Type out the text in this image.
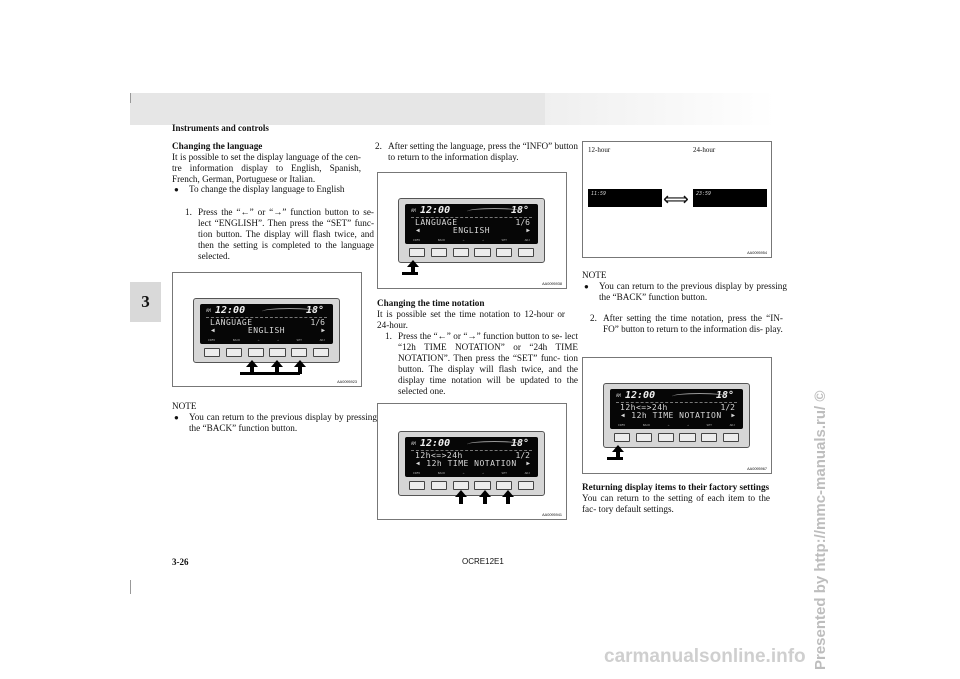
Instruments and controls
3

Changing the language

It is possible to set the display language of the cen- tre information display to English, Spanish, French, German, Portuguese or Italian.

● To change the display language to English

1. Press the “←” or “→” function button to se- lect “ENGLISH”. Then press the “SET” func- tion button. The display will flash twice, and then the setting is completed to the language selected.
AM 12:00	18°
LANGUAGE	1/6
◀	ENGLISH	▶
INFO	BACK	←	→	SET	ADJ
AA0095923

NOTE

● You can return to the previous display by pressing the “BACK” function button.

2. After setting the language, press the “INFO” button to return to the information display.
AM 12:00	18°
LANGUAGE	1/6
◀	ENGLISH	▶
INFO	BACK	←	→	SET	ADJ
AA0095938

Changing the time notation

It is possible set the time notation to 12-hour or 24-hour.

1. Press the “←” or “→” function button to se- lect “12h TIME NOTATION” or “24h TIME NOTATION”. Then press the “SET” func- tion button. The display will flash twice, and the display time notation will be updated to the selected one.
AM 12:00	18°
12h<=>24h	1/2
◀ 12h TIME NOTATION	▶
INFO	BACK	←	→	SET	ADJ
AA0095941
12-hour	24-hour
11:59	23:59
AA0095954
⟺

NOTE

● You can return to the previous display by pressing the “BACK” function button.

2. After setting the time notation, press the “IN- FO” button to return to the information dis- play.
AM 12:00	18°
12h<=>24h	1/2
◀ 12h TIME NOTATION	▶
INFO	BACK	←	→	SET	ADJ
AA0095967

Returning display items to their factory settings

You can return to the setting of each item to the fac- tory default settings.

3-26	OCRE12E1	Presented by http://mmc-manuals.ru/ ©
carmanualsonline.info
